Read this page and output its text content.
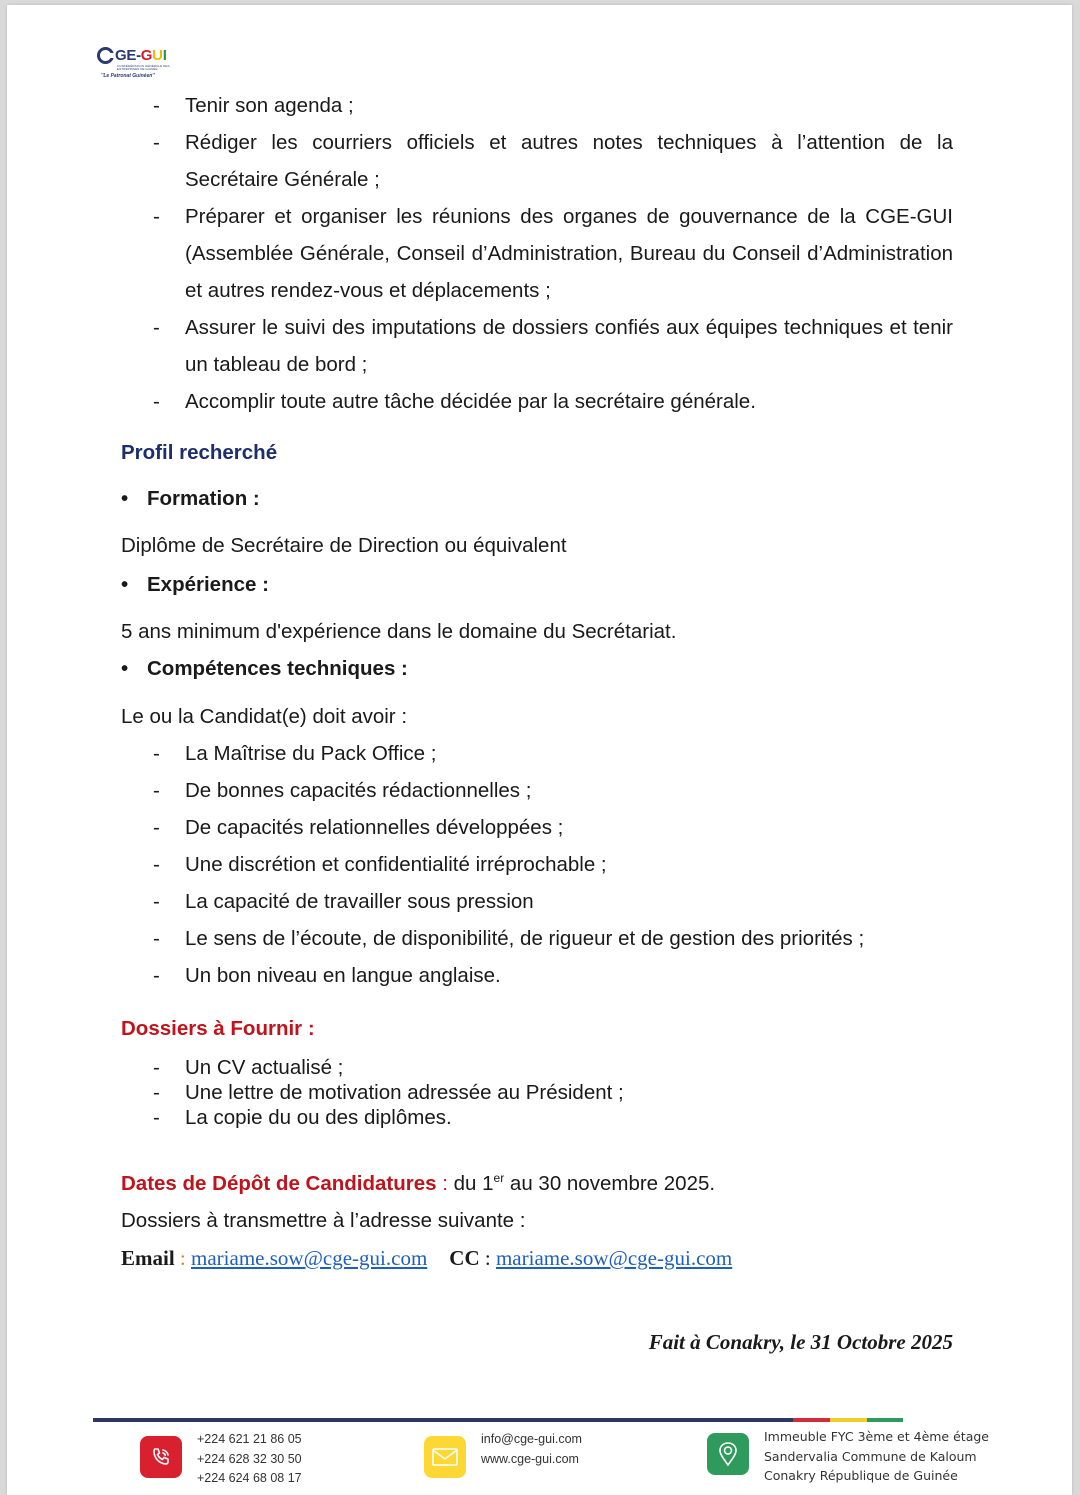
GE - G U I
CONFÉDÉRATION GÉNÉRALE DES ENTREPRISES DE GUINÉE
''Le Patronat Guinéen''
- Tenir son agenda ;
- Rédiger les courriers officiels et autres notes techniques à l’attention de la Secrétaire Générale ;
- Préparer et organiser les réunions des organes de gouvernance de la CGE-GUI (Assemblée Générale, Conseil d’Administration, Bureau du Conseil d’Administration et autres rendez-vous et déplacements ;
- Assurer le suivi des imputations de dossiers confiés aux équipes techniques et tenir un tableau de bord ;
- Accomplir toute autre tâche décidée par la secrétaire générale.
Profil recherché
• Formation :
Diplôme de Secrétaire de Direction ou équivalent
• Expérience :
5 ans minimum d'expérience dans le domaine du Secrétariat.
• Compétences techniques :
Le ou la Candidat(e) doit avoir :
- La Maîtrise du Pack Office ;
- De bonnes capacités rédactionnelles ;
- De capacités relationnelles développées ;
- Une discrétion et confidentialité irréprochable ;
- La capacité de travailler sous pression
- Le sens de l’écoute, de disponibilité, de rigueur et de gestion des priorités ;
- Un bon niveau en langue anglaise.
Dossiers à Fournir :
- Un CV actualisé ;
- Une lettre de motivation adressée au Président ;
- La copie du ou des diplômes.
Dates de Dépôt de Candidatures : du 1er au 30 novembre 2025.
Dossiers à transmettre à l’adresse suivante :
Email : mariame.sow@cge-gui.com CC : mariame.sow@cge-gui.com
Fait à Conakry, le 31 Octobre 2025
+224 621 21 86 05
+224 628 32 30 50
+224 624 68 08 17
info@cge-gui.com
www.cge-gui.com
Immeuble FYC 3ème et 4ème étage
Sandervalia Commune de Kaloum
Conakry République de Guinée
